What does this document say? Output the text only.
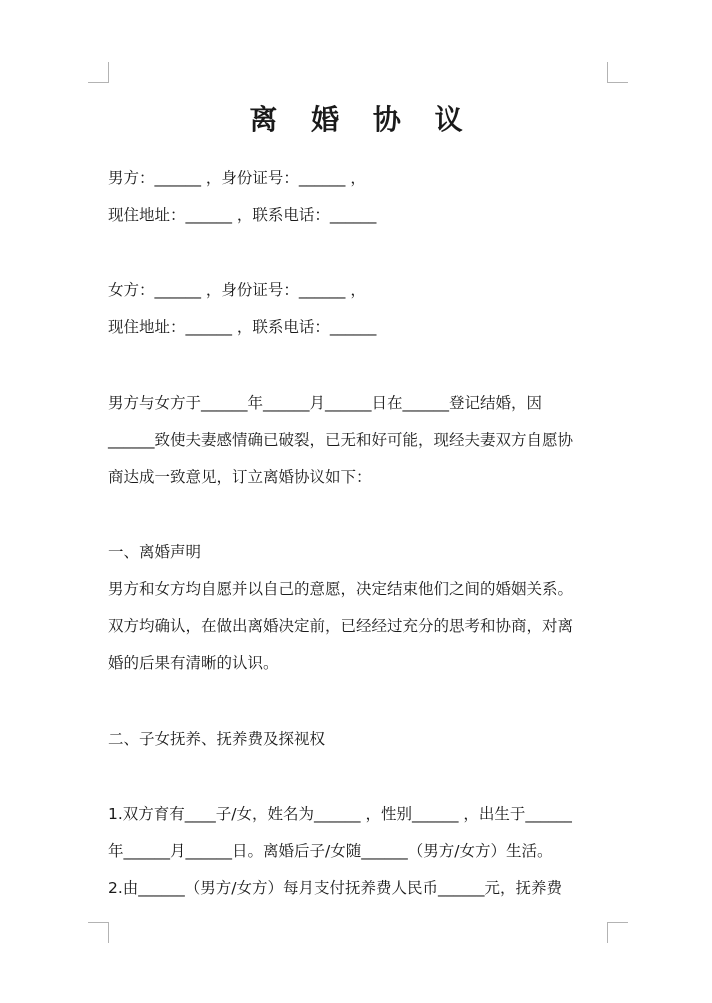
离 婚 协 议
男方：______ ，身份证号：______ ，
现住地址：______ ，联系电话：______
女方：______ ，身份证号：______ ，
现住地址：______ ，联系电话：______
男方与女方于______年______月______日在______登记结婚，因
______致使夫妻感情确已破裂，已无和好可能，现经夫妻双方自愿协
商达成一致意见，订立离婚协议如下：
一、离婚声明
男方和女方均自愿并以自己的意愿，决定结束他们之间的婚姻关系。
双方均确认，在做出离婚决定前，已经经过充分的思考和协商，对离
婚的后果有清晰的认识。
二、子女抚养、抚养费及探视权
1.双方育有____子/女，姓名为______ ，性别______ ，出生于______
年______月______日。离婚后子/女随______（男方/女方）生活。
2.由______（男方/女方）每月支付抚养费人民币______元，抚养费
